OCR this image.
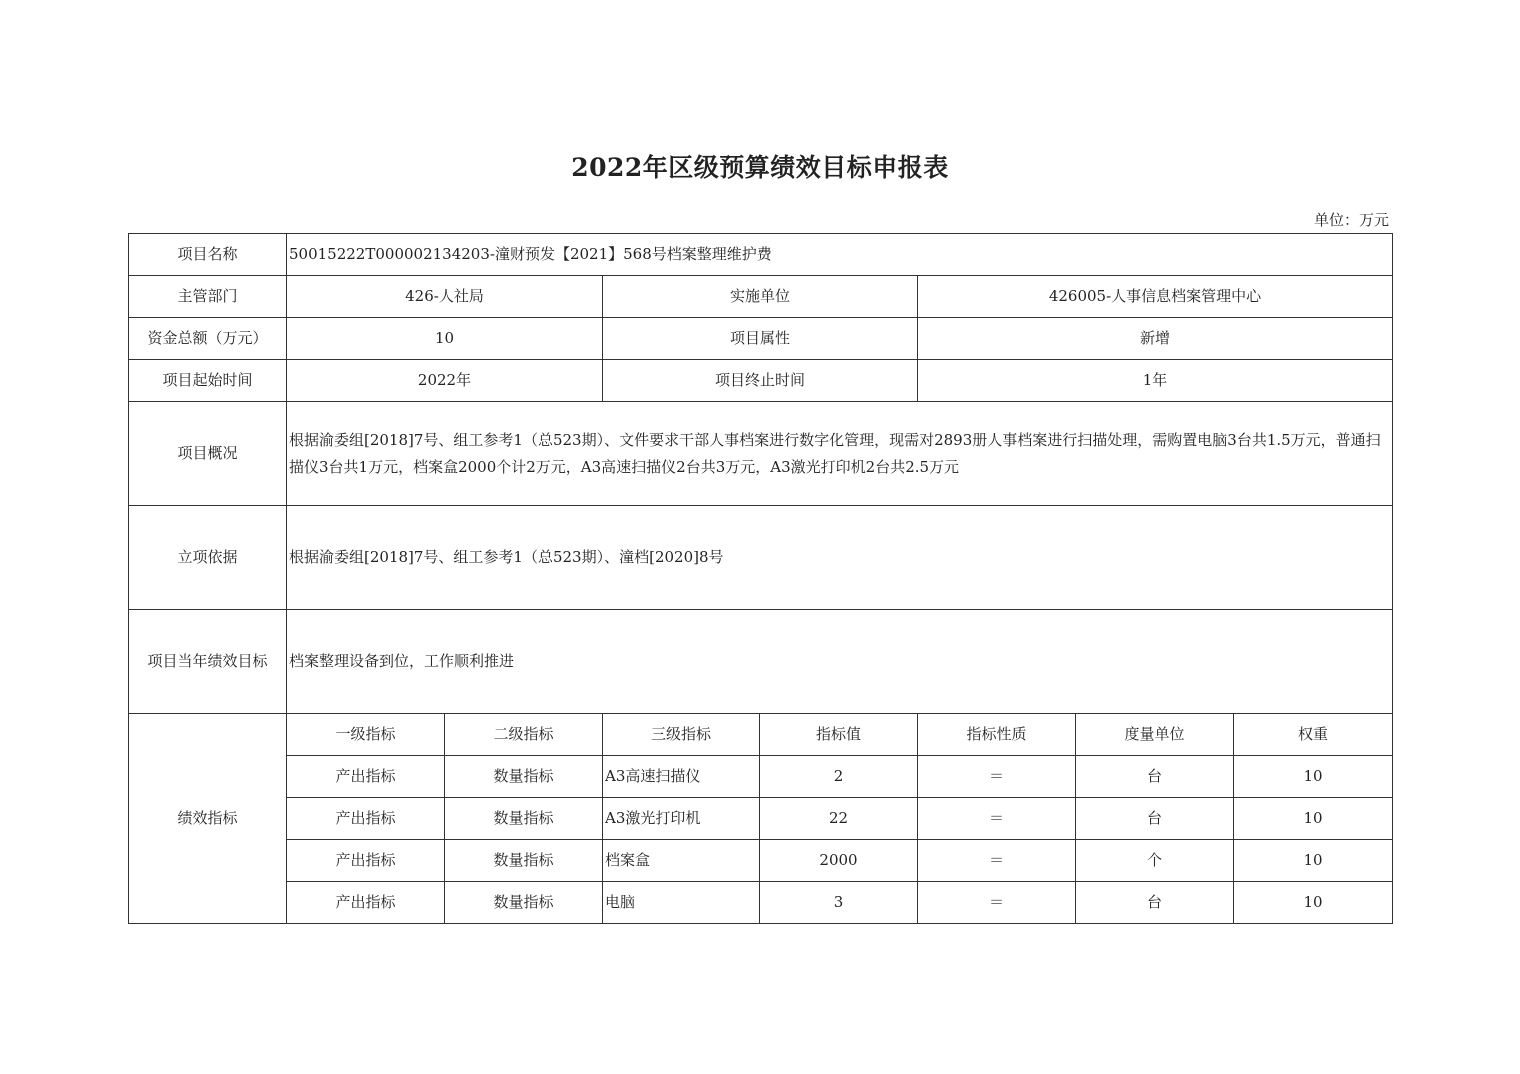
2022年区级预算绩效目标申报表
单位：万元
项目名称	50015222T000002134203-潼财预发【2021】568号档案整理维护费						
主管部门	426-人社局		实施单位		426005-人事信息档案管理中心		
资金总额（万元）	10		项目属性		新增		
项目起始时间	2022年		项目终止时间		1年		
项目概况	根据渝委组[2018]7号、组工参考1（总523期）、文件要求干部人事档案进行数字化管理，现需对2893册人事档案进行扫描处理，需购置电脑3台共1.5万元，普通扫描仪3台共1万元，档案盒2000个计2万元，A3高速扫描仪2台共3万元，A3激光打印机2台共2.5万元						
立项依据	根据渝委组[2018]7号、组工参考1（总523期）、潼档[2020]8号						
项目当年绩效目标	档案整理设备到位，工作顺利推进						
绩效指标	一级指标	二级指标	三级指标	指标值	指标性质	度量单位	权重
	产出指标	数量指标	A3高速扫描仪	2	＝	台	10
	产出指标	数量指标	A3激光打印机	22	＝	台	10
	产出指标	数量指标	档案盒	2000	＝	个	10
	产出指标	数量指标	电脑	3	＝	台	10
